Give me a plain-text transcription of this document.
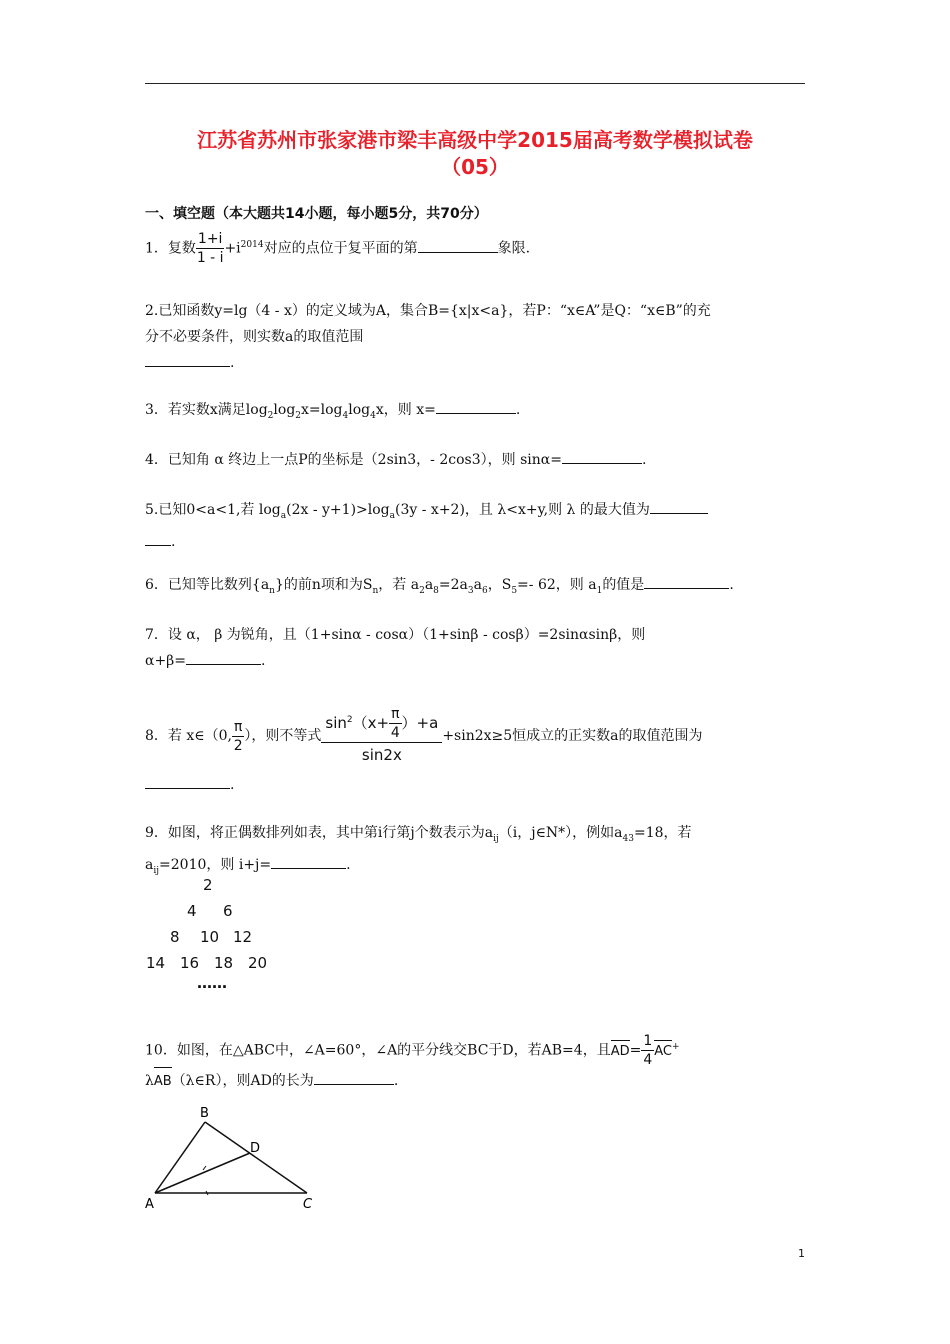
江苏省苏州市张家港市梁丰高级中学2015届高考数学模拟试卷
（05）
一、填空题（本大题共14小题，每小题5分，共70分）
1．复数 $\frac{1+i}{1 - i} +i^{2014}$对应的点位于复平面的第	象限.
2.已知函数y=lg（4 - x）的定义域为A，集合B={x|x<a}，若P：“x∈A”是Q：“x∈B”的充
分不必要条件，则实数a的取值范围
.
3．若实数x满足$\log_2\log_2x=\log_4\log_4x$，则 x=	.
4．已知角 α 终边上一点P的坐标是（2sin3，- 2cos3），则 sinα=	.
5.已知0<a<1,若 $\log_a(2x - y+1)>\log_a(3y - x+2)$，且 λ<x+y,则 λ 的最大值为
.
6．已知等比数列$\{a_n\}$的前n项和为$S_n$，若 $a_2a_8=2a_3a_6$，$S_5=-$ 62，则 $a_1$的值是	.
7．设 α， β 为锐角，且（1+sinα - cosα）（1+sinβ - cosβ）=2sinαsinβ，则
α+β=	.
8．若 x∈（0, $\frac{\pi}{2}$ ），则不等式 $\frac{\sin^2(x+ \frac{\pi}{4} )+a}{\sin 2x} +\sin 2x\ge 5$恒成立的正实数a的取值范围为
.
9．如图，将正偶数排列如表，其中第i行第j个数表示为$a_{ij}(i$，j∈N*），例如$a_{43}=18$，若
$a_{ij}=2010$，则 i+j=	.
2
4 6
8 10 12
14 16 18 20
……
10．如图，在△ABC中，∠A=60°，∠A的平分线交BC于D，若AB=4，且$AD= \frac{1}{4} AC^+$
λAB（λ∈R），则AD的长为	.
A
B
C
D
1
